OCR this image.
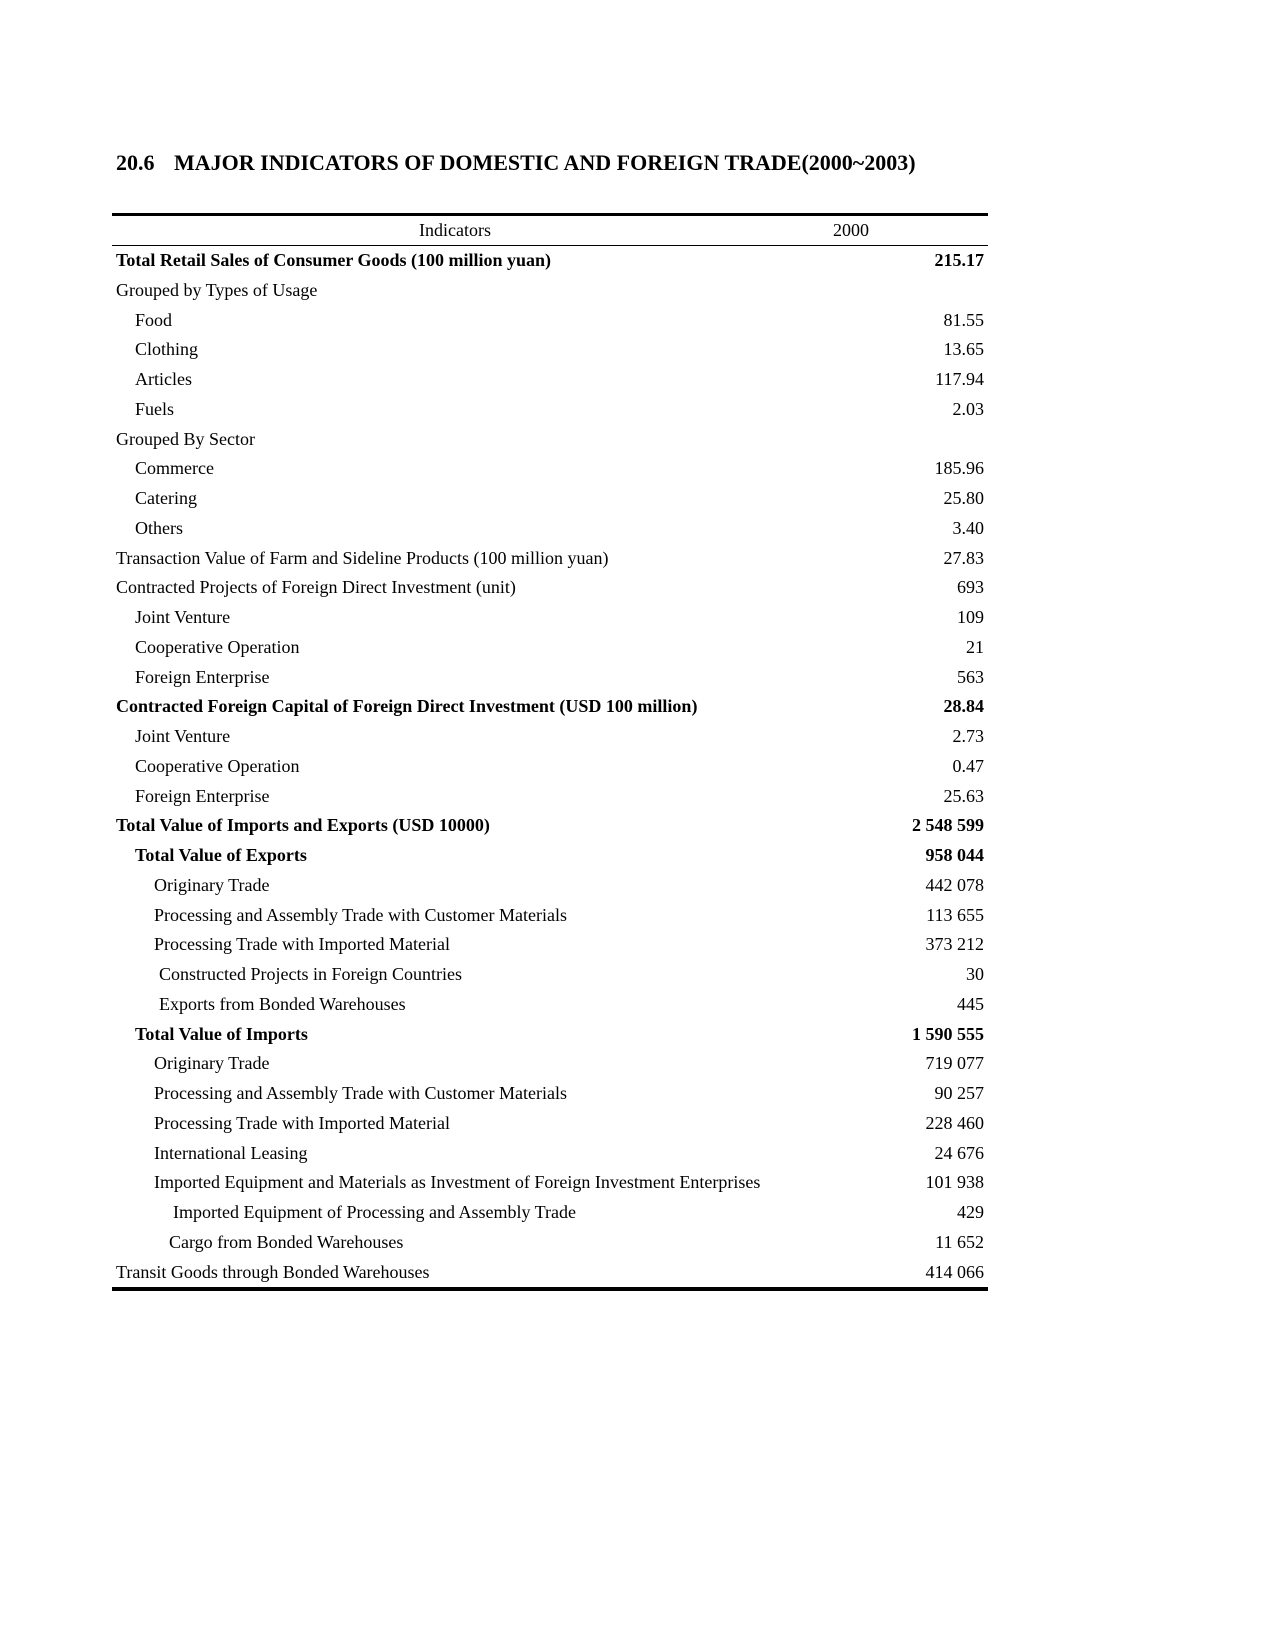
20.6 MAJOR INDICATORS OF DOMESTIC AND FOREIGN TRADE(2000~2003)
Indicators	2000
Total Retail Sales of Consumer Goods (100 million yuan)	215.17
Grouped by Types of Usage
Food	81.55
Clothing	13.65
Articles	117.94
Fuels	2.03
Grouped By Sector
Commerce	185.96
Catering	25.80
Others	3.40
Transaction Value of Farm and Sideline Products (100 million yuan)	27.83
Contracted Projects of Foreign Direct Investment (unit)	693
Joint Venture	109
Cooperative Operation	21
Foreign Enterprise	563
Contracted Foreign Capital of Foreign Direct Investment (USD 100 million)	28.84
Joint Venture	2.73
Cooperative Operation	0.47
Foreign Enterprise	25.63
Total Value of Imports and Exports (USD 10000)	2 548 599
Total Value of Exports	958 044
Originary Trade	442 078
Processing and Assembly Trade with Customer Materials	113 655
Processing Trade with Imported Material	373 212
Constructed Projects in Foreign Countries	30
Exports from Bonded Warehouses	445
Total Value of Imports	1 590 555
Originary Trade	719 077
Processing and Assembly Trade with Customer Materials	90 257
Processing Trade with Imported Material	228 460
International Leasing	24 676
Imported Equipment and Materials as Investment of Foreign Investment Enterprises	101 938
Imported Equipment of Processing and Assembly Trade	429
Cargo from Bonded Warehouses	11 652
Transit Goods through Bonded Warehouses	414 066
